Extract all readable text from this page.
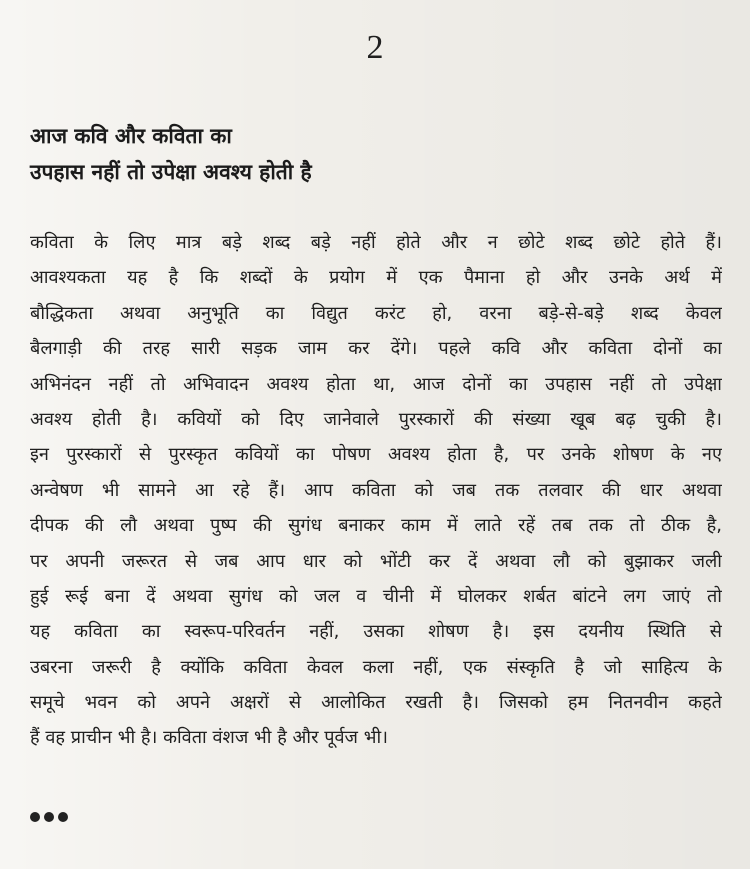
2
आज कवि और कविता का
उपहास नहीं तो उपेक्षा अवश्य होती है
कविता के लिए मात्र बड़े शब्द बड़े नहीं होते और न छोटे शब्द छोटे होते हैं।
आवश्यकता यह है कि शब्दों के प्रयोग में एक पैमाना हो और उनके अर्थ में
बौद्धिकता अथवा अनुभूति का विद्युत करंट हो, वरना बड़े-से-बड़े शब्द केवल
बैलगाड़ी की तरह सारी सड़क जाम कर देंगे। पहले कवि और कविता दोनों का
अभिनंदन नहीं तो अभिवादन अवश्य होता था, आज दोनों का उपहास नहीं तो उपेक्षा
अवश्य होती है। कवियों को दिए जानेवाले पुरस्कारों की संख्या खूब बढ़ चुकी है।
इन पुरस्कारों से पुरस्कृत कवियों का पोषण अवश्य होता है, पर उनके शोषण के नए
अन्वेषण भी सामने आ रहे हैं। आप कविता को जब तक तलवार की धार अथवा
दीपक की लौ अथवा पुष्प की सुगंध बनाकर काम में लाते रहें तब तक तो ठीक है,
पर अपनी जरूरत से जब आप धार को भोंटी कर दें अथवा लौ को बुझाकर जली
हुई रूई बना दें अथवा सुगंध को जल व चीनी में घोलकर शर्बत बांटने लग जाएं तो
यह कविता का स्वरूप-परिवर्तन नहीं, उसका शोषण है। इस दयनीय स्थिति से
उबरना जरूरी है क्योंकि कविता केवल कला नहीं, एक संस्कृति है जो साहित्य के
समूचे भवन को अपने अक्षरों से आलोकित रखती है। जिसको हम नितनवीन कहते
हैं वह प्राचीन भी है। कविता वंशज भी है और पूर्वज भी।
